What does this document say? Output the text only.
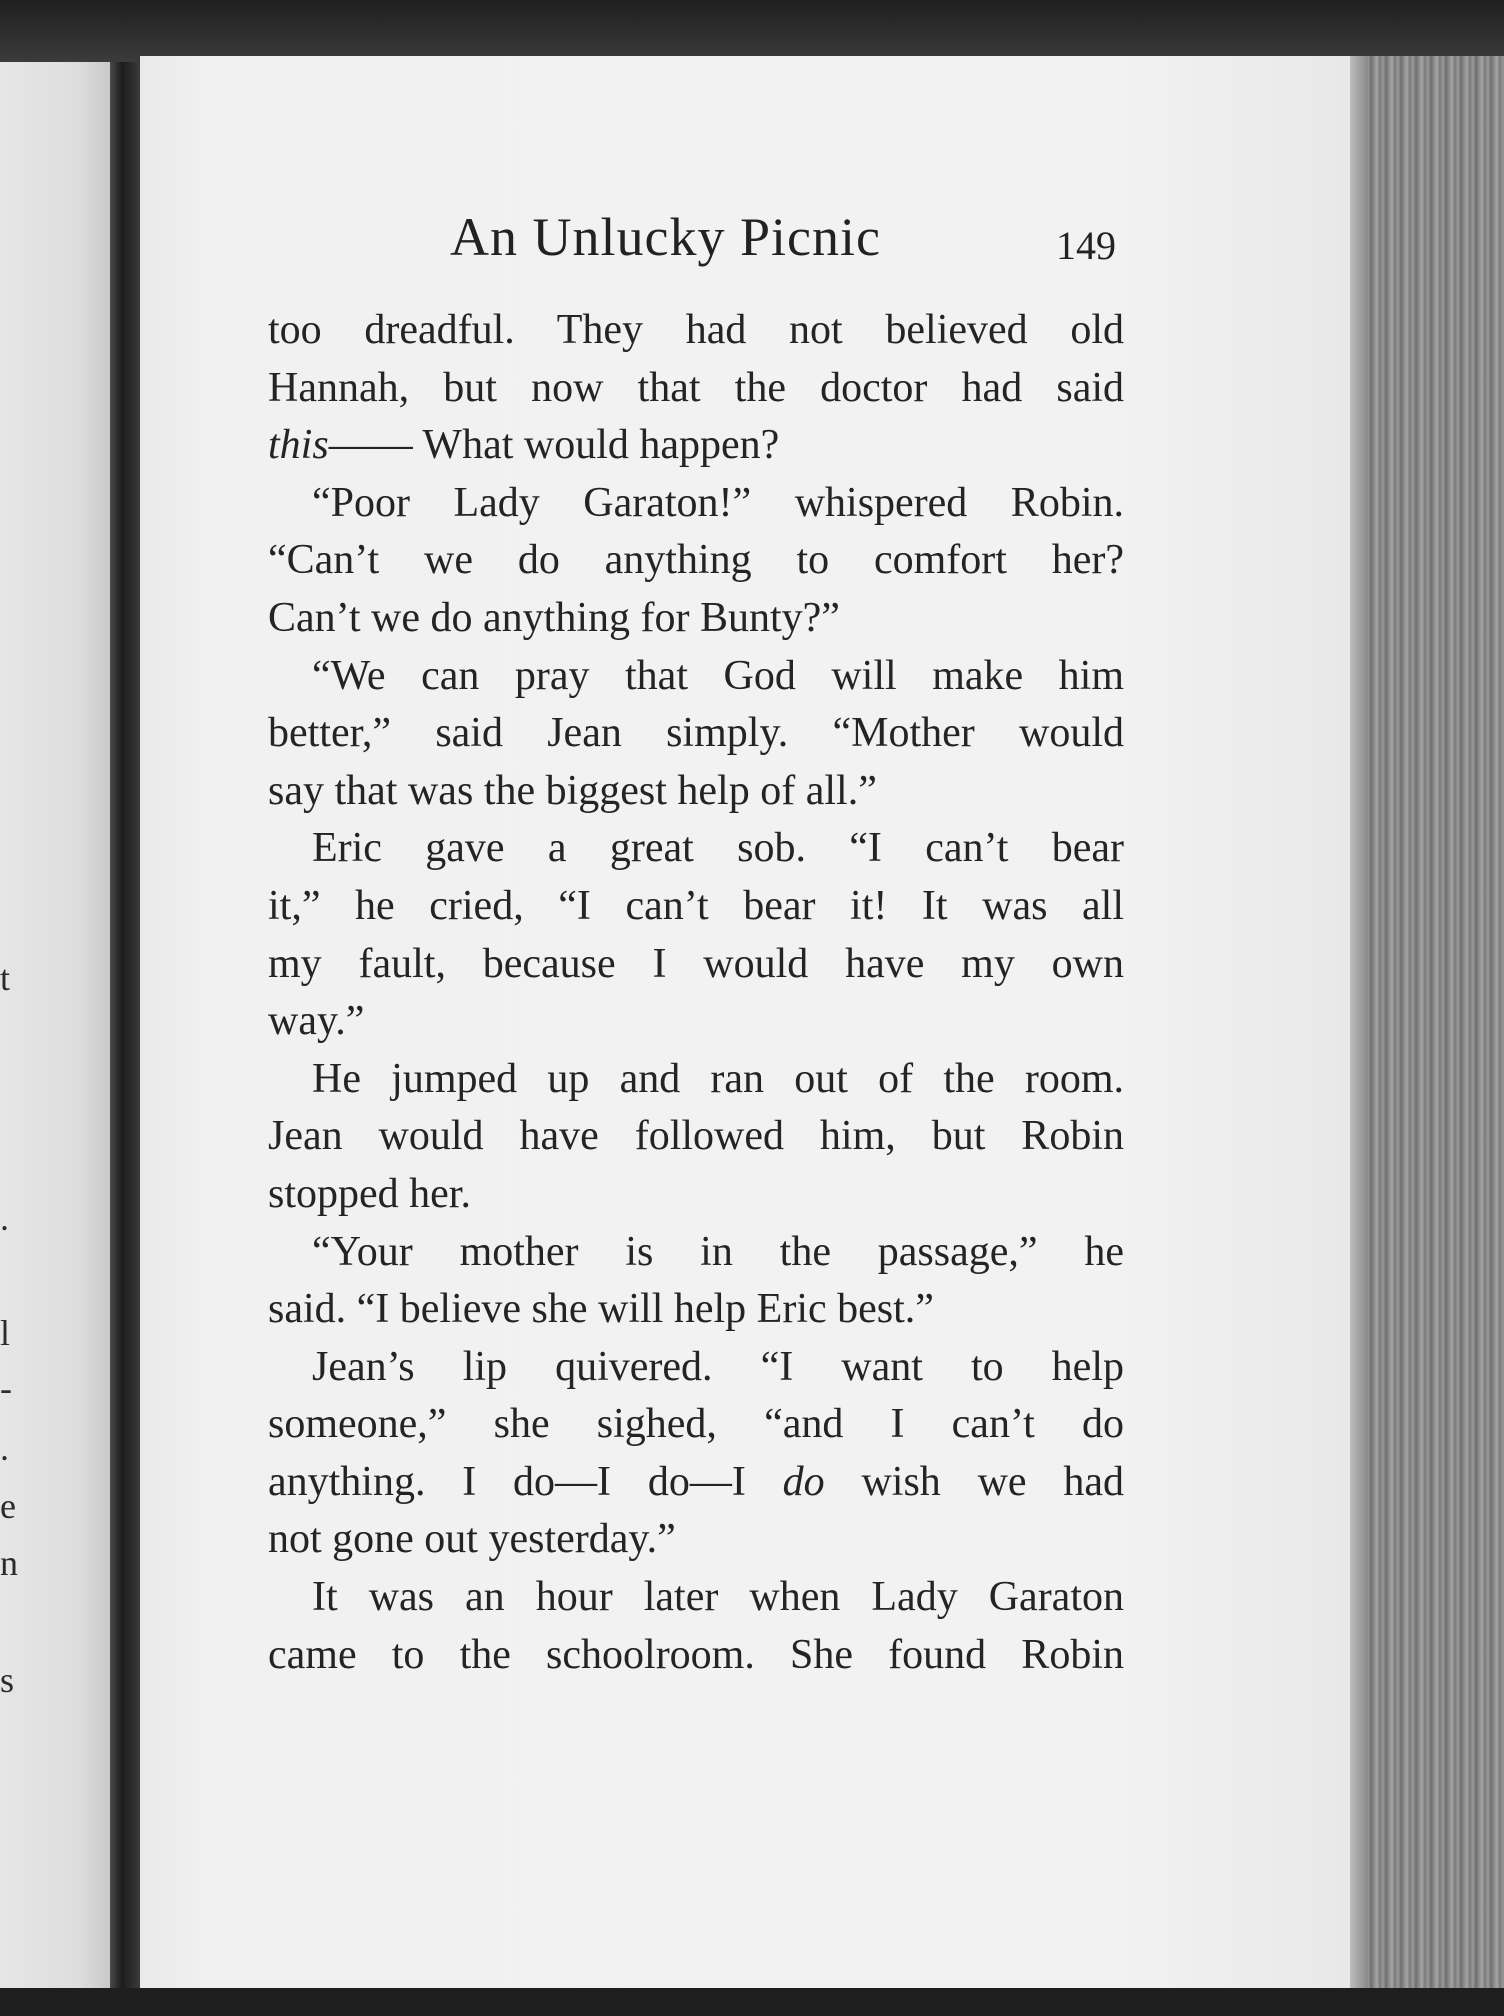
t
.
l
-
.
e
n
s
An Unlucky Picnic	149
too dreadful. They had not believed old
Hannah, but now that the doctor had said
this—— What would happen?
“Poor Lady Garaton!” whispered Robin.
“Can’t we do anything to comfort her?
Can’t we do anything for Bunty?”
“We can pray that God will make him
better,” said Jean simply. “Mother would
say that was the biggest help of all.”
Eric gave a great sob. “I can’t bear
it,” he cried, “I can’t bear it! It was all
my fault, because I would have my own
way.”
He jumped up and ran out of the room.
Jean would have followed him, but Robin
stopped her.
“Your mother is in the passage,” he
said. “I believe she will help Eric best.”
Jean’s lip quivered. “I want to help
someone,” she sighed, “and I can’t do
anything. I do—I do—I do wish we had
not gone out yesterday.”
It was an hour later when Lady Garaton
came to the schoolroom. She found Robin
